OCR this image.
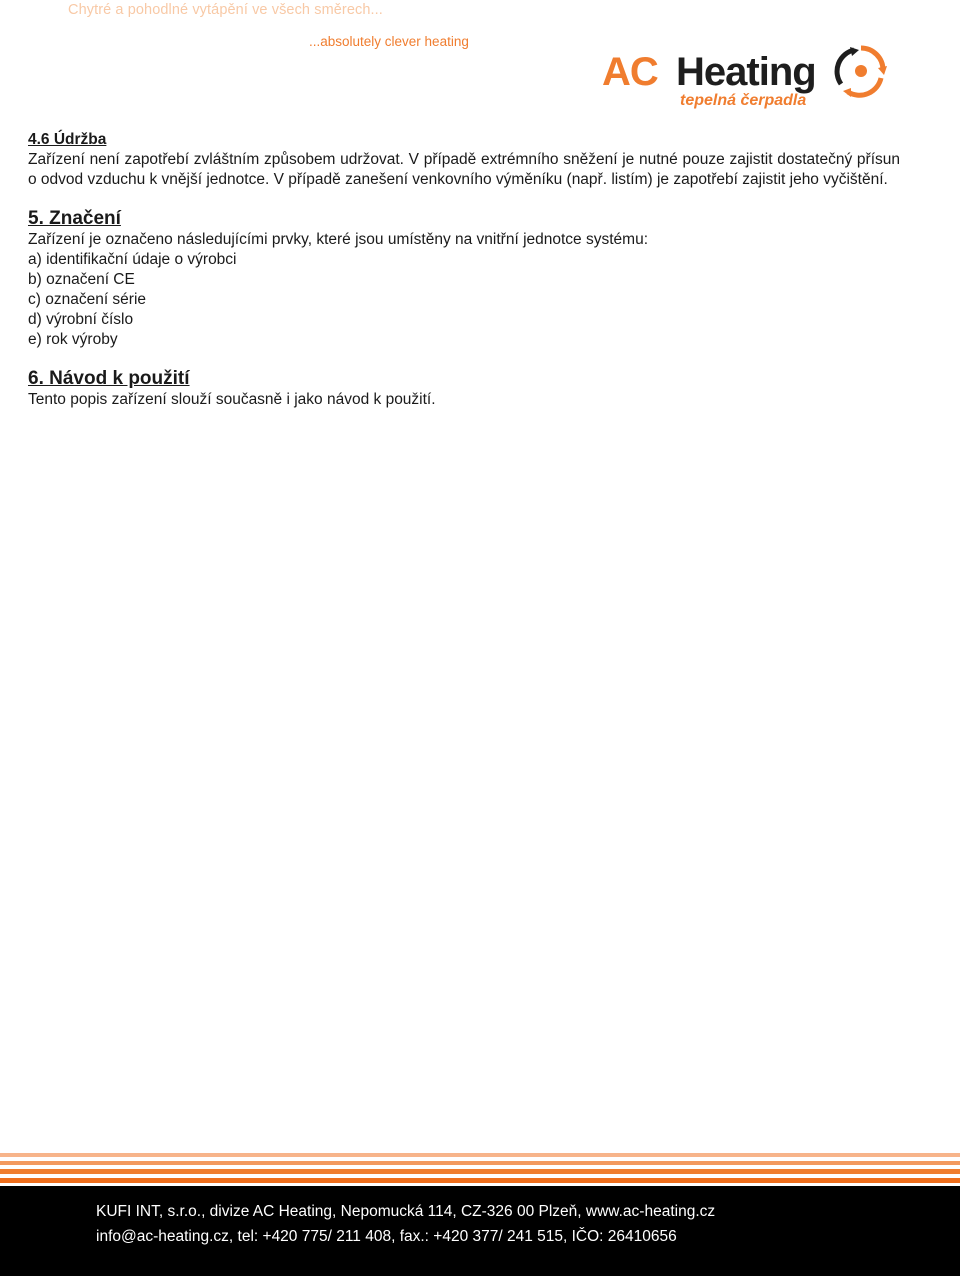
Chytré a pohodlné vytápění ve všech směrech...
...absolutely clever heating
AC Heating
tepelná čerpadla
4.6 Údržba
Zařízení není zapotřebí zvláštním způsobem udržovat. V případě extrémního sněžení je nutné pouze zajistit dostatečný přísun o odvod vzduchu k vnější jednotce. V případě zanešení venkovního výměníku (např. listím) je zapotřebí zajistit jeho vyčištění.
5. Značení
Zařízení je označeno následujícími prvky, které jsou umístěny na vnitřní jednotce systému:
a) identifikační údaje o výrobci
b) označení CE
c) označení série
d) výrobní číslo
e) rok výroby
6. Návod k použití
Tento popis zařízení slouží současně i jako návod k použití.
KUFI INT, s.r.o., divize AC Heating, Nepomucká 114, CZ-326 00 Plzeň, www.ac-heating.cz
info@ac-heating.cz, tel: +420 775/ 211 408, fax.: +420 377/ 241 515, IČO: 26410656
